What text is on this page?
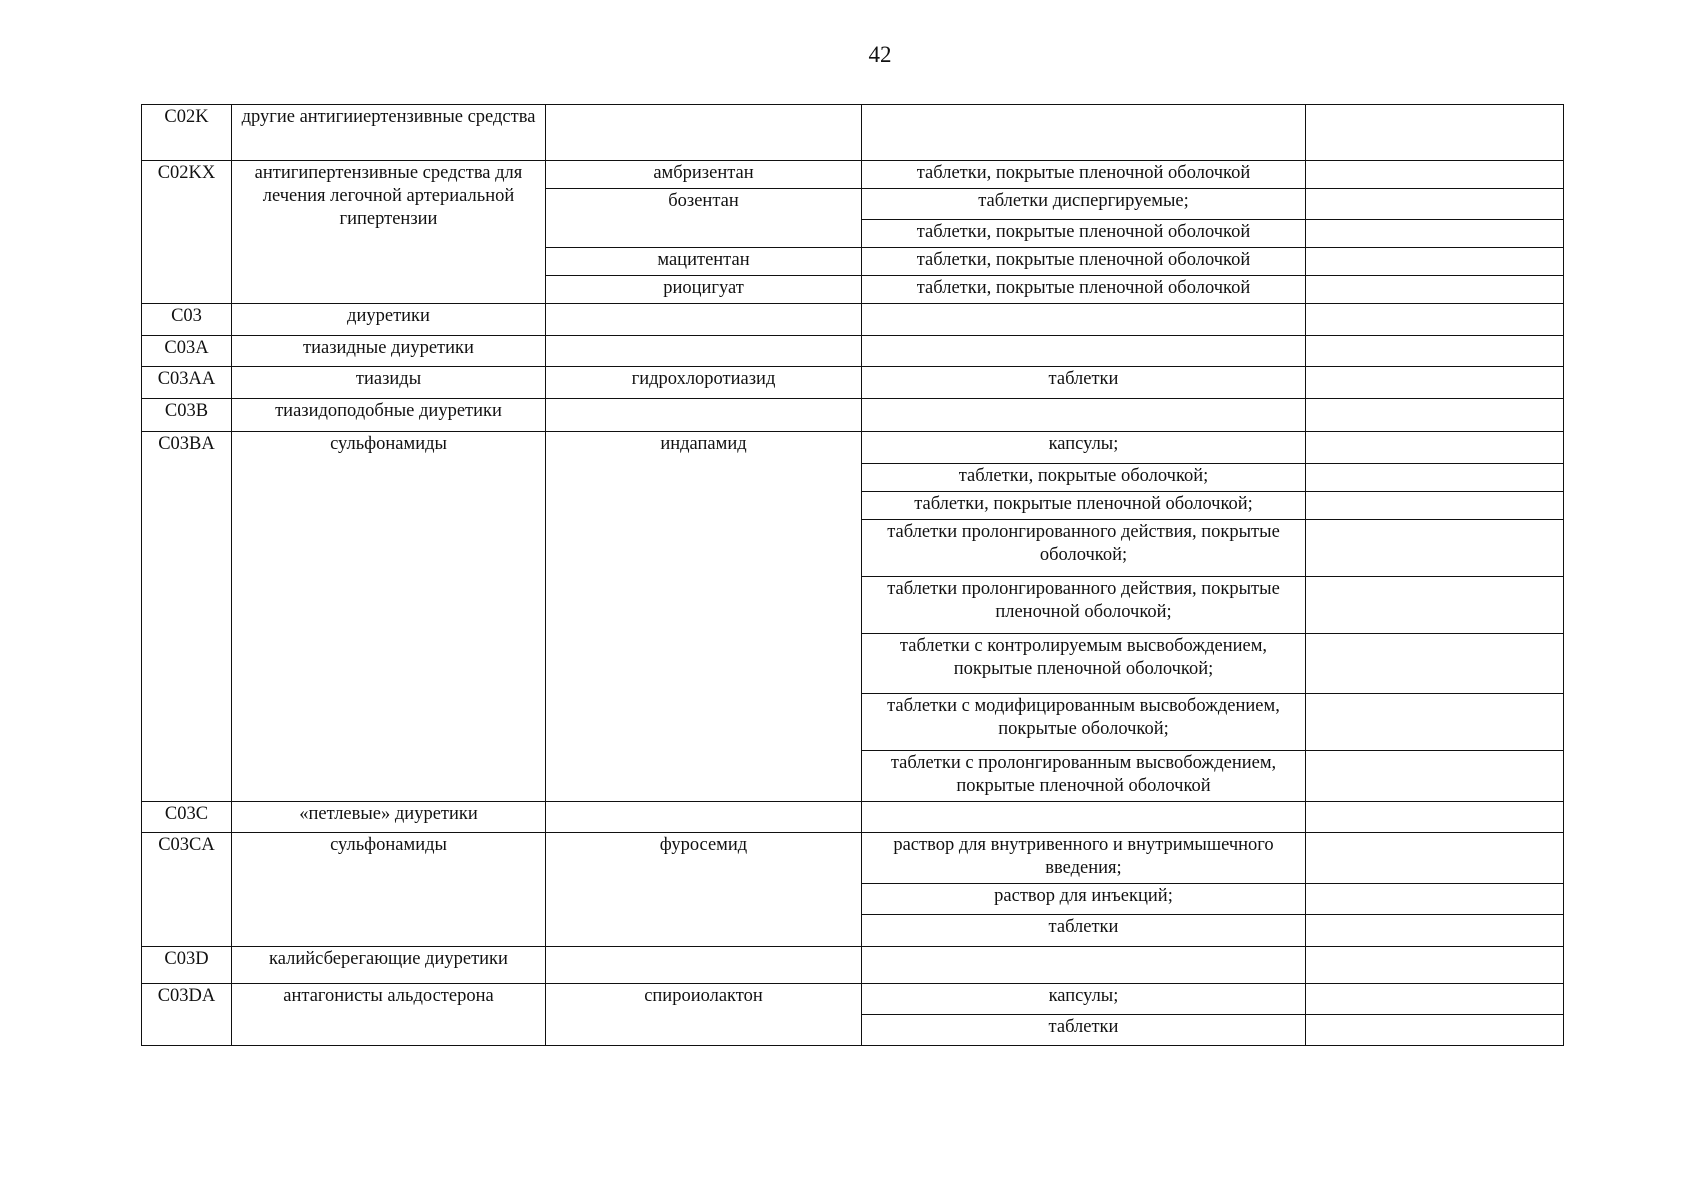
42
C02K	другие антигииертензивные средства			
C02KX	антигипертензивные средства для лечения легочной артериальной гипертензии	амбризентан	таблетки, покрытые пленочной оболочкой	
		бозентан	таблетки диспергируемые;	
			таблетки, покрытые пленочной оболочкой	
		мацитентан	таблетки, покрытые пленочной оболочкой	
		риоцигуат	таблетки, покрытые пленочной оболочкой	
C03	диуретики			
C03A	тиазидные диуретики			
C03AA	тиазиды	гидрохлоротиазид	таблетки	
C03B	тиазидоподобные диуретики			
C03BA	сульфонамиды	индапамид	капсулы;	
			таблетки, покрытые оболочкой;	
			таблетки, покрытые пленочной оболочкой;	
			таблетки пролонгированного действия, покрытые оболочкой;	
			таблетки пролонгированного действия, покрытые пленочной оболочкой;	
			таблетки с контролируемым высвобождением, покрытые пленочной оболочкой;	
			таблетки с модифицированным высвобождением, покрытые оболочкой;	
			таблетки с пролонгированным высвобождением, покрытые пленочной оболочкой	
C03C	«петлевые» диуретики			
C03CA	сульфонамиды	фуросемид	раствор для внутривенного и внутримышечного введения;	
			раствор для инъекций;	
			таблетки	
C03D	калийсберегающие диуретики			
C03DA	антагонисты альдостерона	спироиолактон	капсулы;	
			таблетки	
